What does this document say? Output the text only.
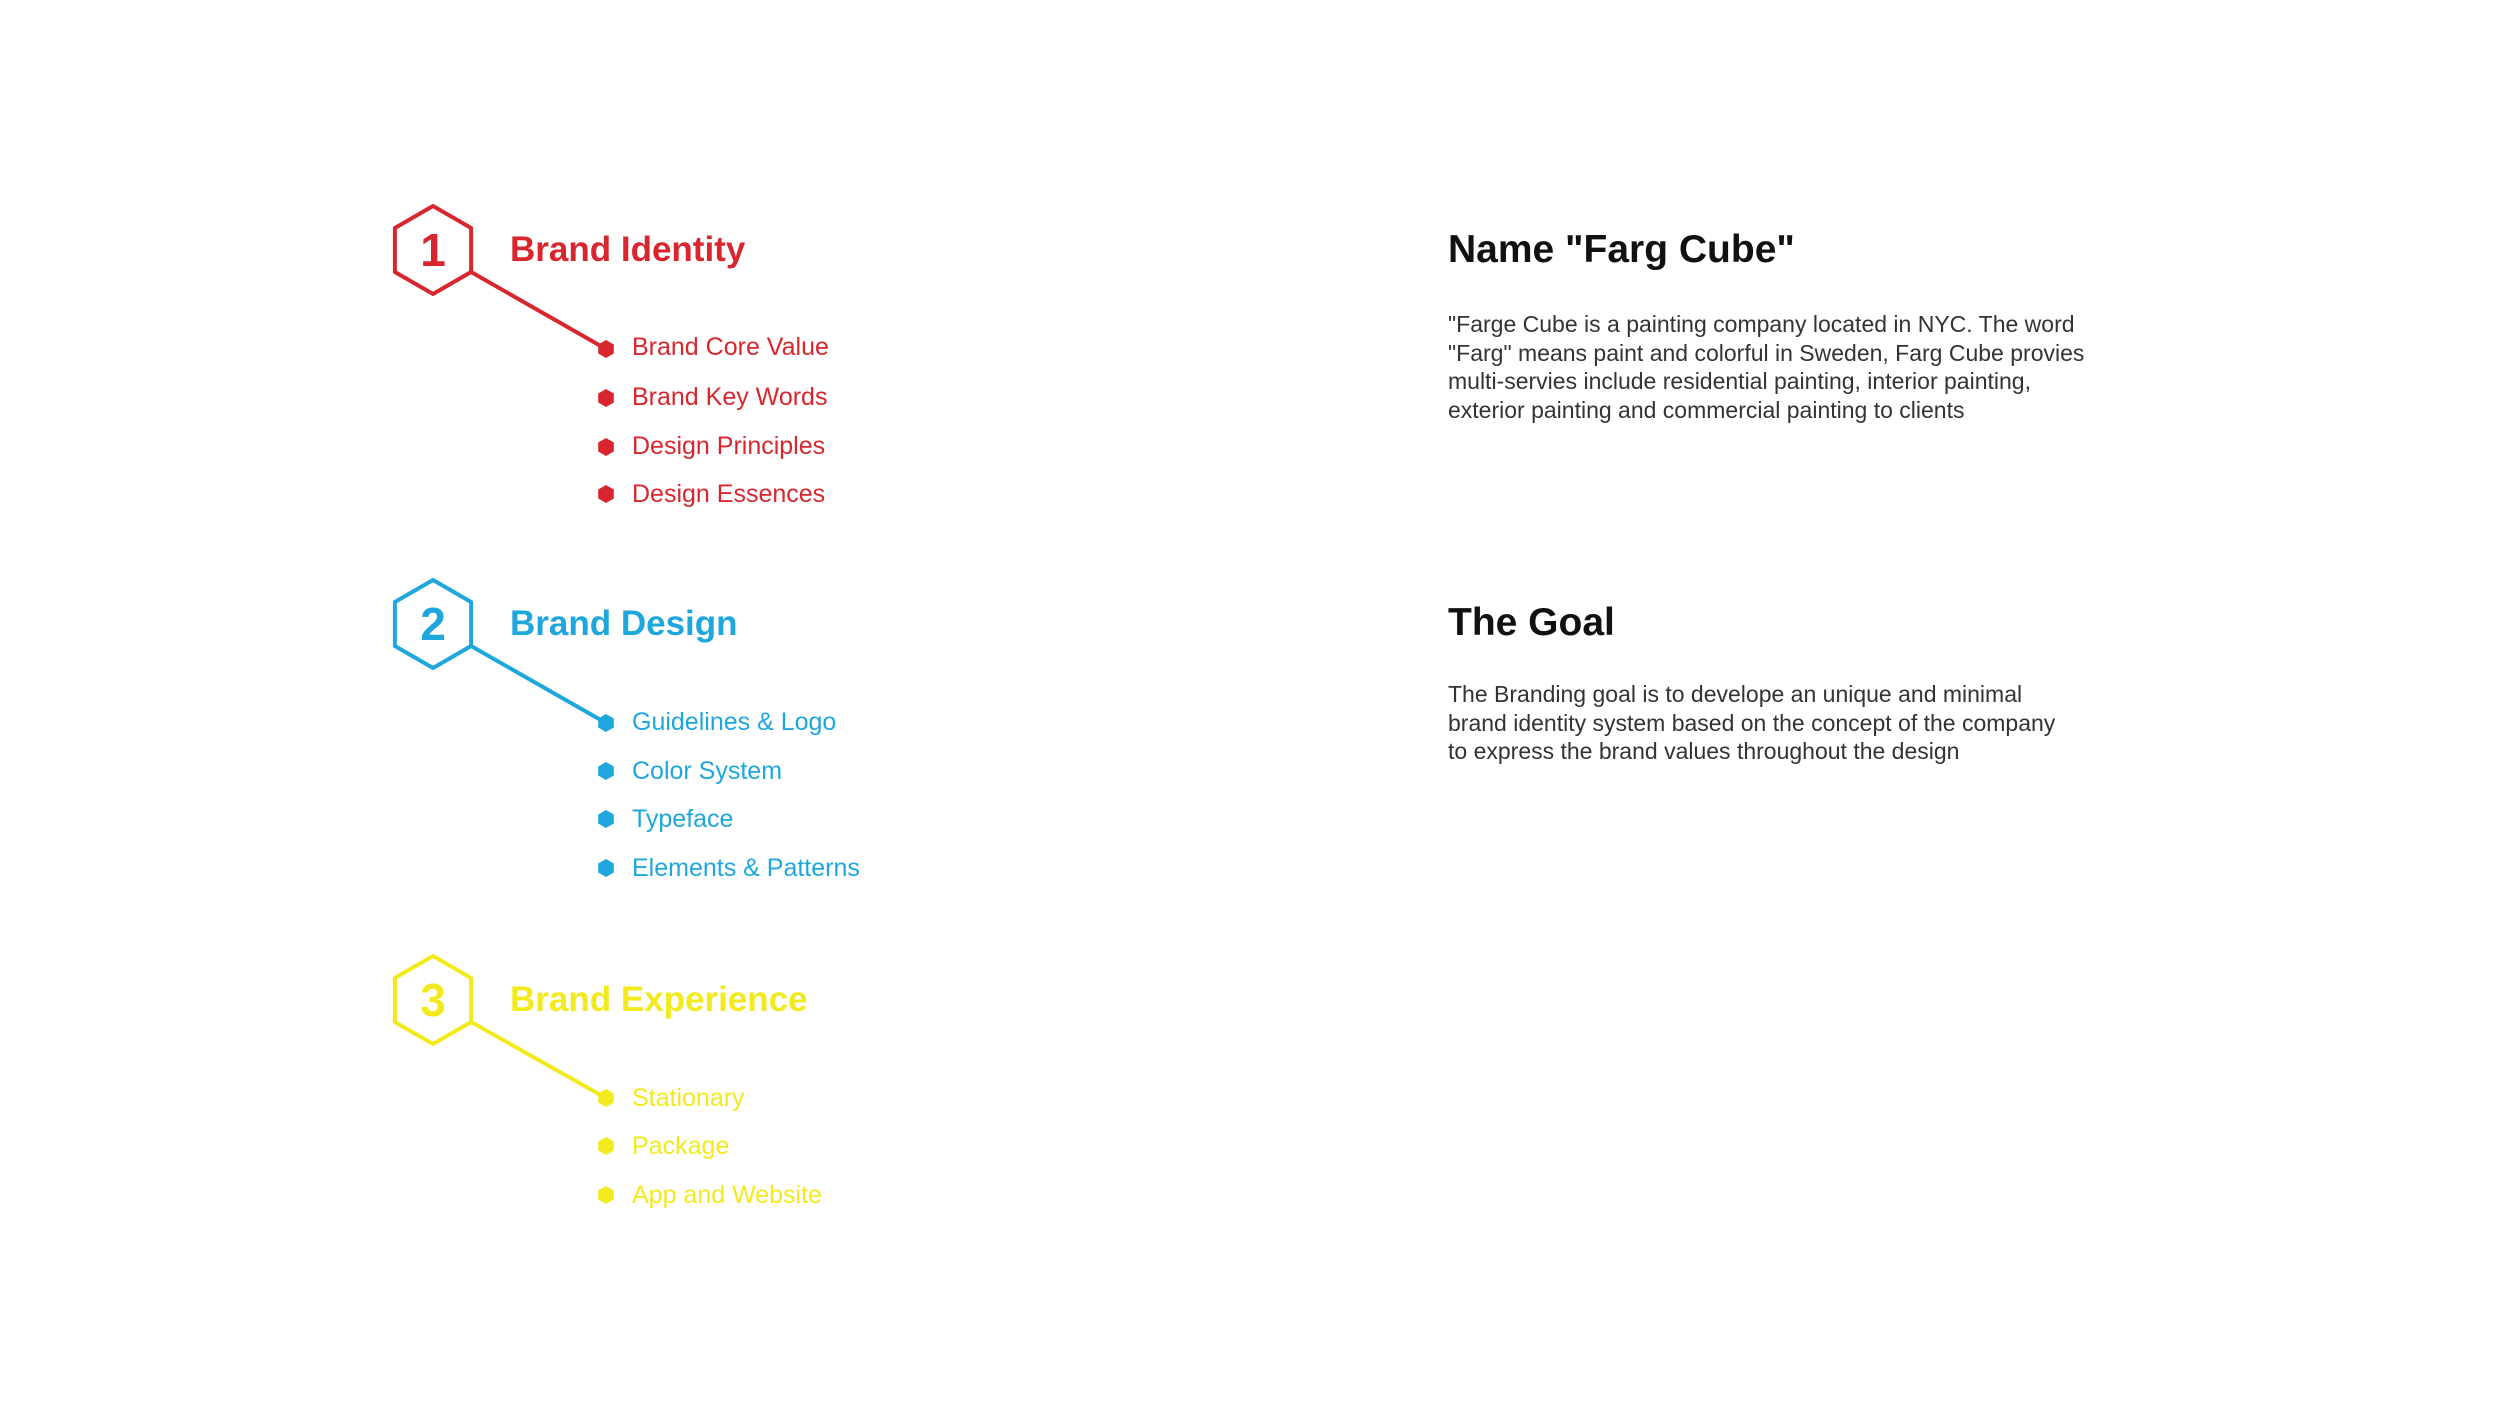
1
2
3
Brand Identity
Brand Design
Brand Experience
Brand Core Value
Brand Key Words
Design Principles
Design Essences
Guidelines & Logo
Color System
Typeface
Elements & Patterns
Stationary
Package
App and Website
Name "Farg Cube"
"Farge Cube is a painting company located in NYC. The word
"Farg" means paint and colorful in Sweden, Farg Cube provies
multi-servies include residential painting, interior painting,
exterior painting and commercial painting to clients
The Goal
The Branding goal is to develope an unique and minimal
brand identity system based on the concept of the company
to express the brand values throughout the design
